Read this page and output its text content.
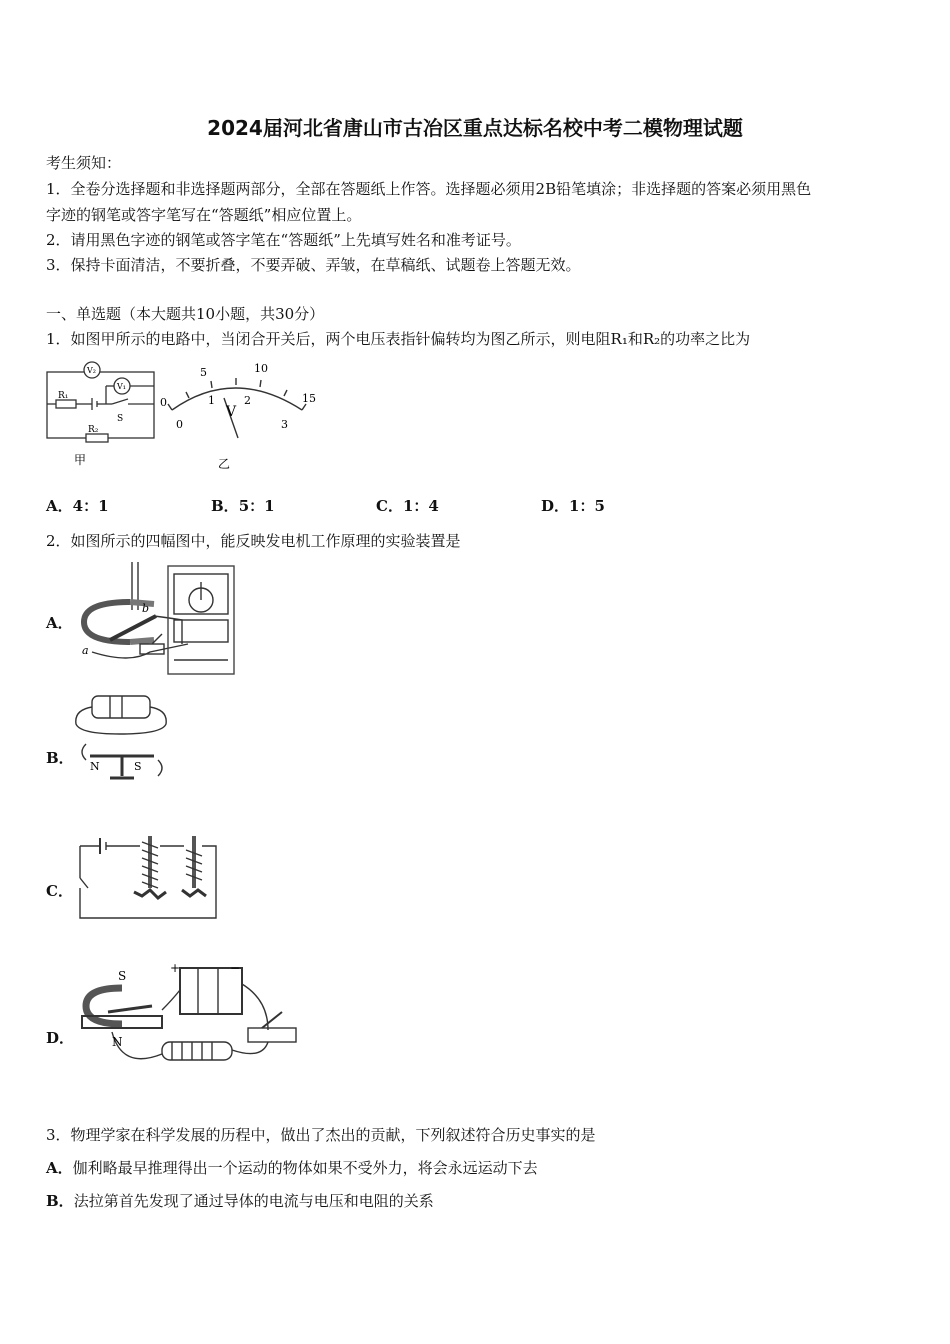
2024届河北省唐山市古冶区重点达标名校中考二模物理试题
考生须知：
1．全卷分选择题和非选择题两部分，全部在答题纸上作答。选择题必须用2B铅笔填涂；非选择题的答案必须用黑色
字迹的钢笔或答字笔写在“答题纸”相应位置上。
2．请用黑色字迹的钢笔或答字笔在“答题纸”上先填写姓名和准考证号。
3．保持卡面清洁，不要折叠，不要弄破、弄皱，在草稿纸、试题卷上答题无效。
一、单选题（本大题共10小题，共30分）
1．如图甲所示的电路中，当闭合开关后，两个电压表指针偏转均为图乙所示，则电阻R₁和R₂的功率之比为
V₂
V₁
R₁
S
R₂
甲
0
5	10
15
0
1	2
3
V
乙
A．4：1	B．5：1	C．1：4	D．1：5
2．如图所示的四幅图中，能反映发电机工作原理的实验装置是
A．
b
a
B． N	S
C．
D．
S
N
+	−
3．物理学家在科学发展的历程中，做出了杰出的贡献，下列叙述符合历史事实的是
A．伽利略最早推理得出一个运动的物体如果不受外力，将会永远运动下去
B．法拉第首先发现了通过导体的电流与电压和电阻的关系
